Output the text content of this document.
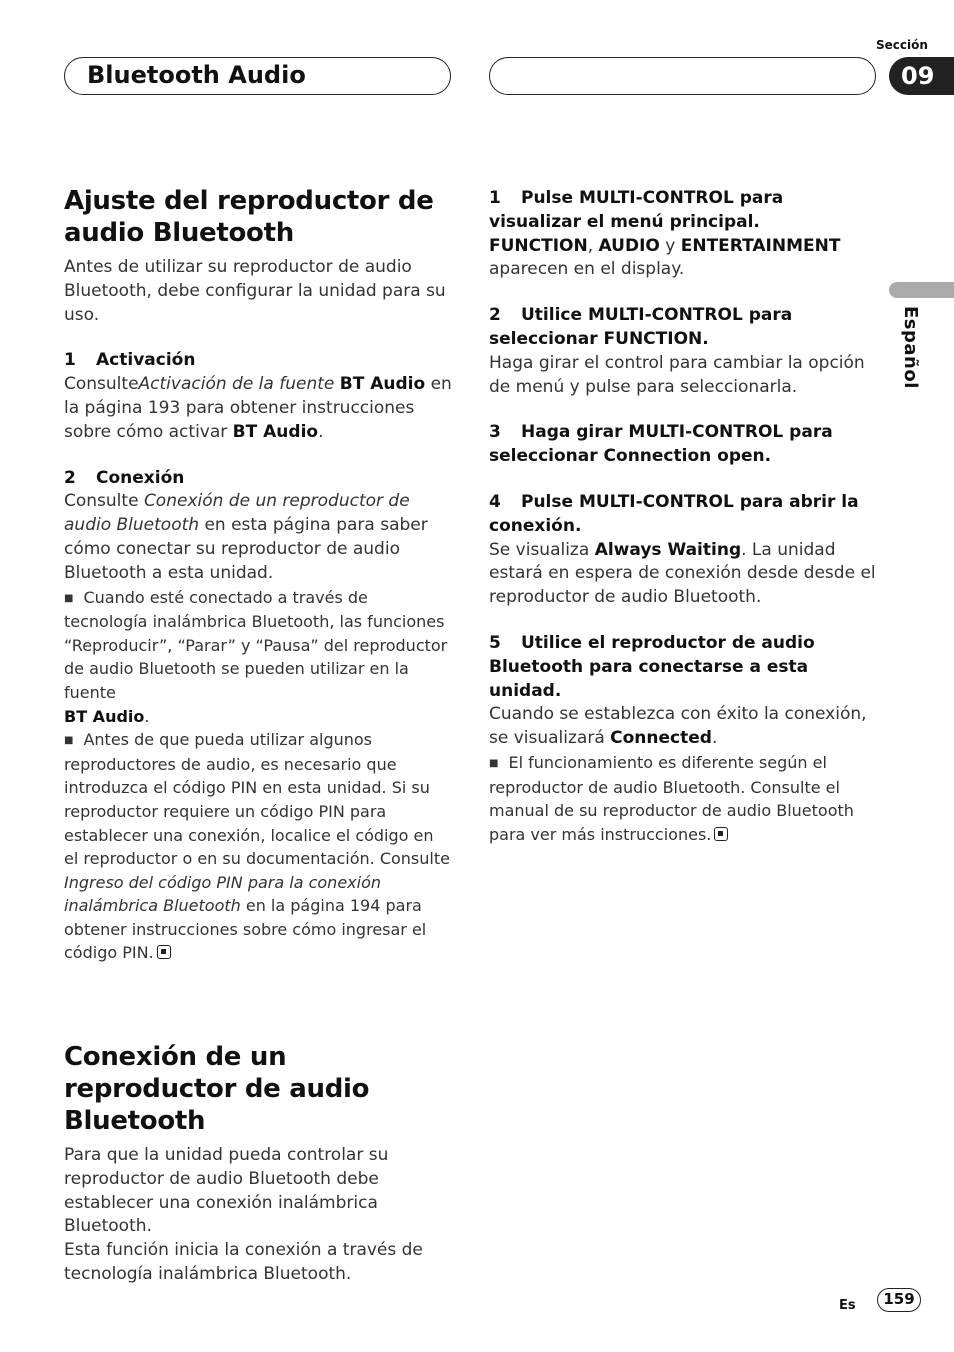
Bluetooth Audio
Sección
09
Español
Ajuste del reproductor de audio Bluetooth

Antes de utilizar su reproductor de audio Bluetooth, debe configurar la unidad para su uso.

1 Activación

ConsulteActivación de la fuente BT Audio en la página 193 para obtener instrucciones sobre cómo activar BT Audio.

2 Conexión

Consulte Conexión de un reproductor de audio Bluetooth en esta página para saber cómo conectar su reproductor de audio Bluetooth a esta unidad.

■ Cuando esté conectado a través de tecnología inalámbrica Bluetooth, las funciones “Reproducir”, “Parar” y “Pausa” del reproductor de audio Bluetooth se pueden utilizar en la fuente
BT Audio.

■ Antes de que pueda utilizar algunos reproductores de audio, es necesario que introduzca el código PIN en esta unidad. Si su reproductor requiere un código PIN para establecer una conexión, localice el código en el reproductor o en su documentación. Consulte Ingreso del código PIN para la conexión inalámbrica Bluetooth en la página 194 para obtener instrucciones sobre cómo ingresar el código PIN.

Conexión de un reproductor de audio Bluetooth

Para que la unidad pueda controlar su reproductor de audio Bluetooth debe establecer una conexión inalámbrica Bluetooth.

Esta función inicia la conexión a través de tecnología inalámbrica Bluetooth.

1 Pulse MULTI-CONTROL para visualizar el menú principal.

FUNCTION, AUDIO y ENTERTAINMENT aparecen en el display.

2 Utilice MULTI-CONTROL para seleccionar FUNCTION.

Haga girar el control para cambiar la opción de menú y pulse para seleccionarla.

3 Haga girar MULTI-CONTROL para seleccionar Connection open.

4 Pulse MULTI-CONTROL para abrir la conexión.

Se visualiza Always Waiting. La unidad estará en espera de conexión desde desde el reproductor de audio Bluetooth.

5 Utilice el reproductor de audio Bluetooth para conectarse a esta unidad.

Cuando se establezca con éxito la conexión, se visualizará Connected.

■ El funcionamiento es diferente según el reproductor de audio Bluetooth. Consulte el manual de su reproductor de audio Bluetooth para ver más instrucciones.

Es	159
